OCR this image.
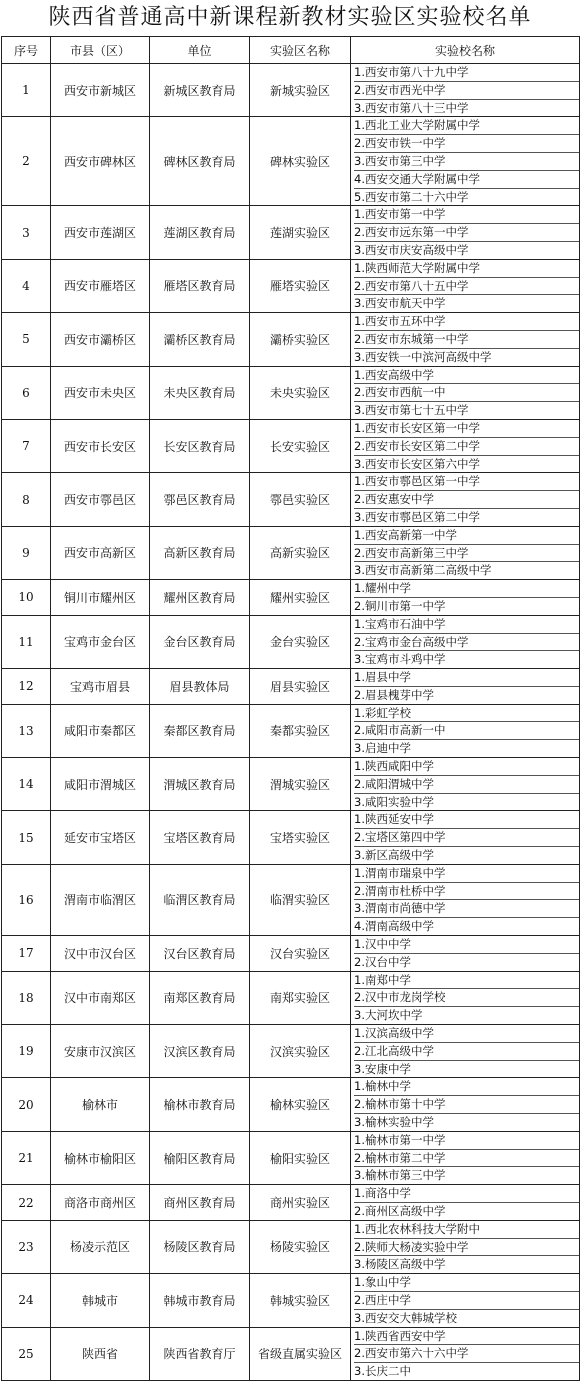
陕西省普通高中新课程新教材实验区实验校名单
序号	市县（区）	单位	实验区名称	实验校名称
1	西安市新城区	新城区教育局	新城实验区	1.西安市第八十九中学
2.西安市西光中学
3.西安市第八十三中学

2	西安市碑林区	碑林区教育局	碑林实验区	1.西北工业大学附属中学
2.西安市铁一中学
3.西安市第三中学
4.西安交通大学附属中学
5.西安市第二十六中学

3	西安市莲湖区	莲湖区教育局	莲湖实验区	1.西安市第一中学
2.西安市远东第一中学
3.西安市庆安高级中学

4	西安市雁塔区	雁塔区教育局	雁塔实验区	1.陕西师范大学附属中学
2.西安市第八十五中学
3.西安市航天中学

5	西安市灞桥区	灞桥区教育局	灞桥实验区	1.西安市五环中学
2.西安市东城第一中学
3.西安铁一中滨河高级中学

6	西安市未央区	未央区教育局	未央实验区	1.西安高级中学
2.西安市西航一中
3.西安市第七十五中学

7	西安市长安区	长安区教育局	长安实验区	1.西安市长安区第一中学
2.西安市长安区第二中学
3.西安市长安区第六中学

8	西安市鄠邑区	鄠邑区教育局	鄠邑实验区	1.西安市鄠邑区第一中学
2.西安惠安中学
3.西安市鄠邑区第二中学

9	西安市高新区	高新区教育局	高新实验区	1.西安高新第一中学
2.西安市高新第三中学
3.西安市高新第二高级中学

10	铜川市耀州区	耀州区教育局	耀州实验区	1.耀州中学
2.铜川市第一中学

11	宝鸡市金台区	金台区教育局	金台实验区	1.宝鸡市石油中学
2.宝鸡市金台高级中学
3.宝鸡市斗鸡中学

12	宝鸡市眉县	眉县教体局	眉县实验区	1.眉县中学
2.眉县槐芽中学

13	咸阳市秦都区	秦都区教育局	秦都实验区	1.彩虹学校
2.咸阳市高新一中
3.启迪中学

14	咸阳市渭城区	渭城区教育局	渭城实验区	1.陕西咸阳中学
2.咸阳渭城中学
3.咸阳实验中学

15	延安市宝塔区	宝塔区教育局	宝塔实验区	1.陕西延安中学
2.宝塔区第四中学
3.新区高级中学

16	渭南市临渭区	临渭区教育局	临渭实验区	1.渭南市瑞泉中学
2.渭南市杜桥中学
3.渭南市尚德中学
4.渭南高级中学

17	汉中市汉台区	汉台区教育局	汉台实验区	1.汉中中学
2.汉台中学

18	汉中市南郑区	南郑区教育局	南郑实验区	1.南郑中学
2.汉中市龙岗学校
3.大河坎中学

19	安康市汉滨区	汉滨区教育局	汉滨实验区	1.汉滨高级中学
2.江北高级中学
3.安康中学

20	榆林市	榆林市教育局	榆林实验区	1.榆林中学
2.榆林市第十中学
3.榆林实验中学

21	榆林市榆阳区	榆阳区教育局	榆阳实验区	1.榆林市第一中学
2.榆林市第二中学
3.榆林市第三中学

22	商洛市商州区	商州区教育局	商州实验区	1.商洛中学
2.商州区高级中学

23	杨凌示范区	杨陵区教育局	杨陵实验区	1.西北农林科技大学附中
2.陕师大杨凌实验中学
3.杨陵区高级中学

24	韩城市	韩城市教育局	韩城实验区	1.象山中学
2.西庄中学
3.西安交大韩城学校

25	陕西省	陕西省教育厅	省级直属实验区	1.陕西省西安中学
2.西安市第六十六中学
3.长庆二中
